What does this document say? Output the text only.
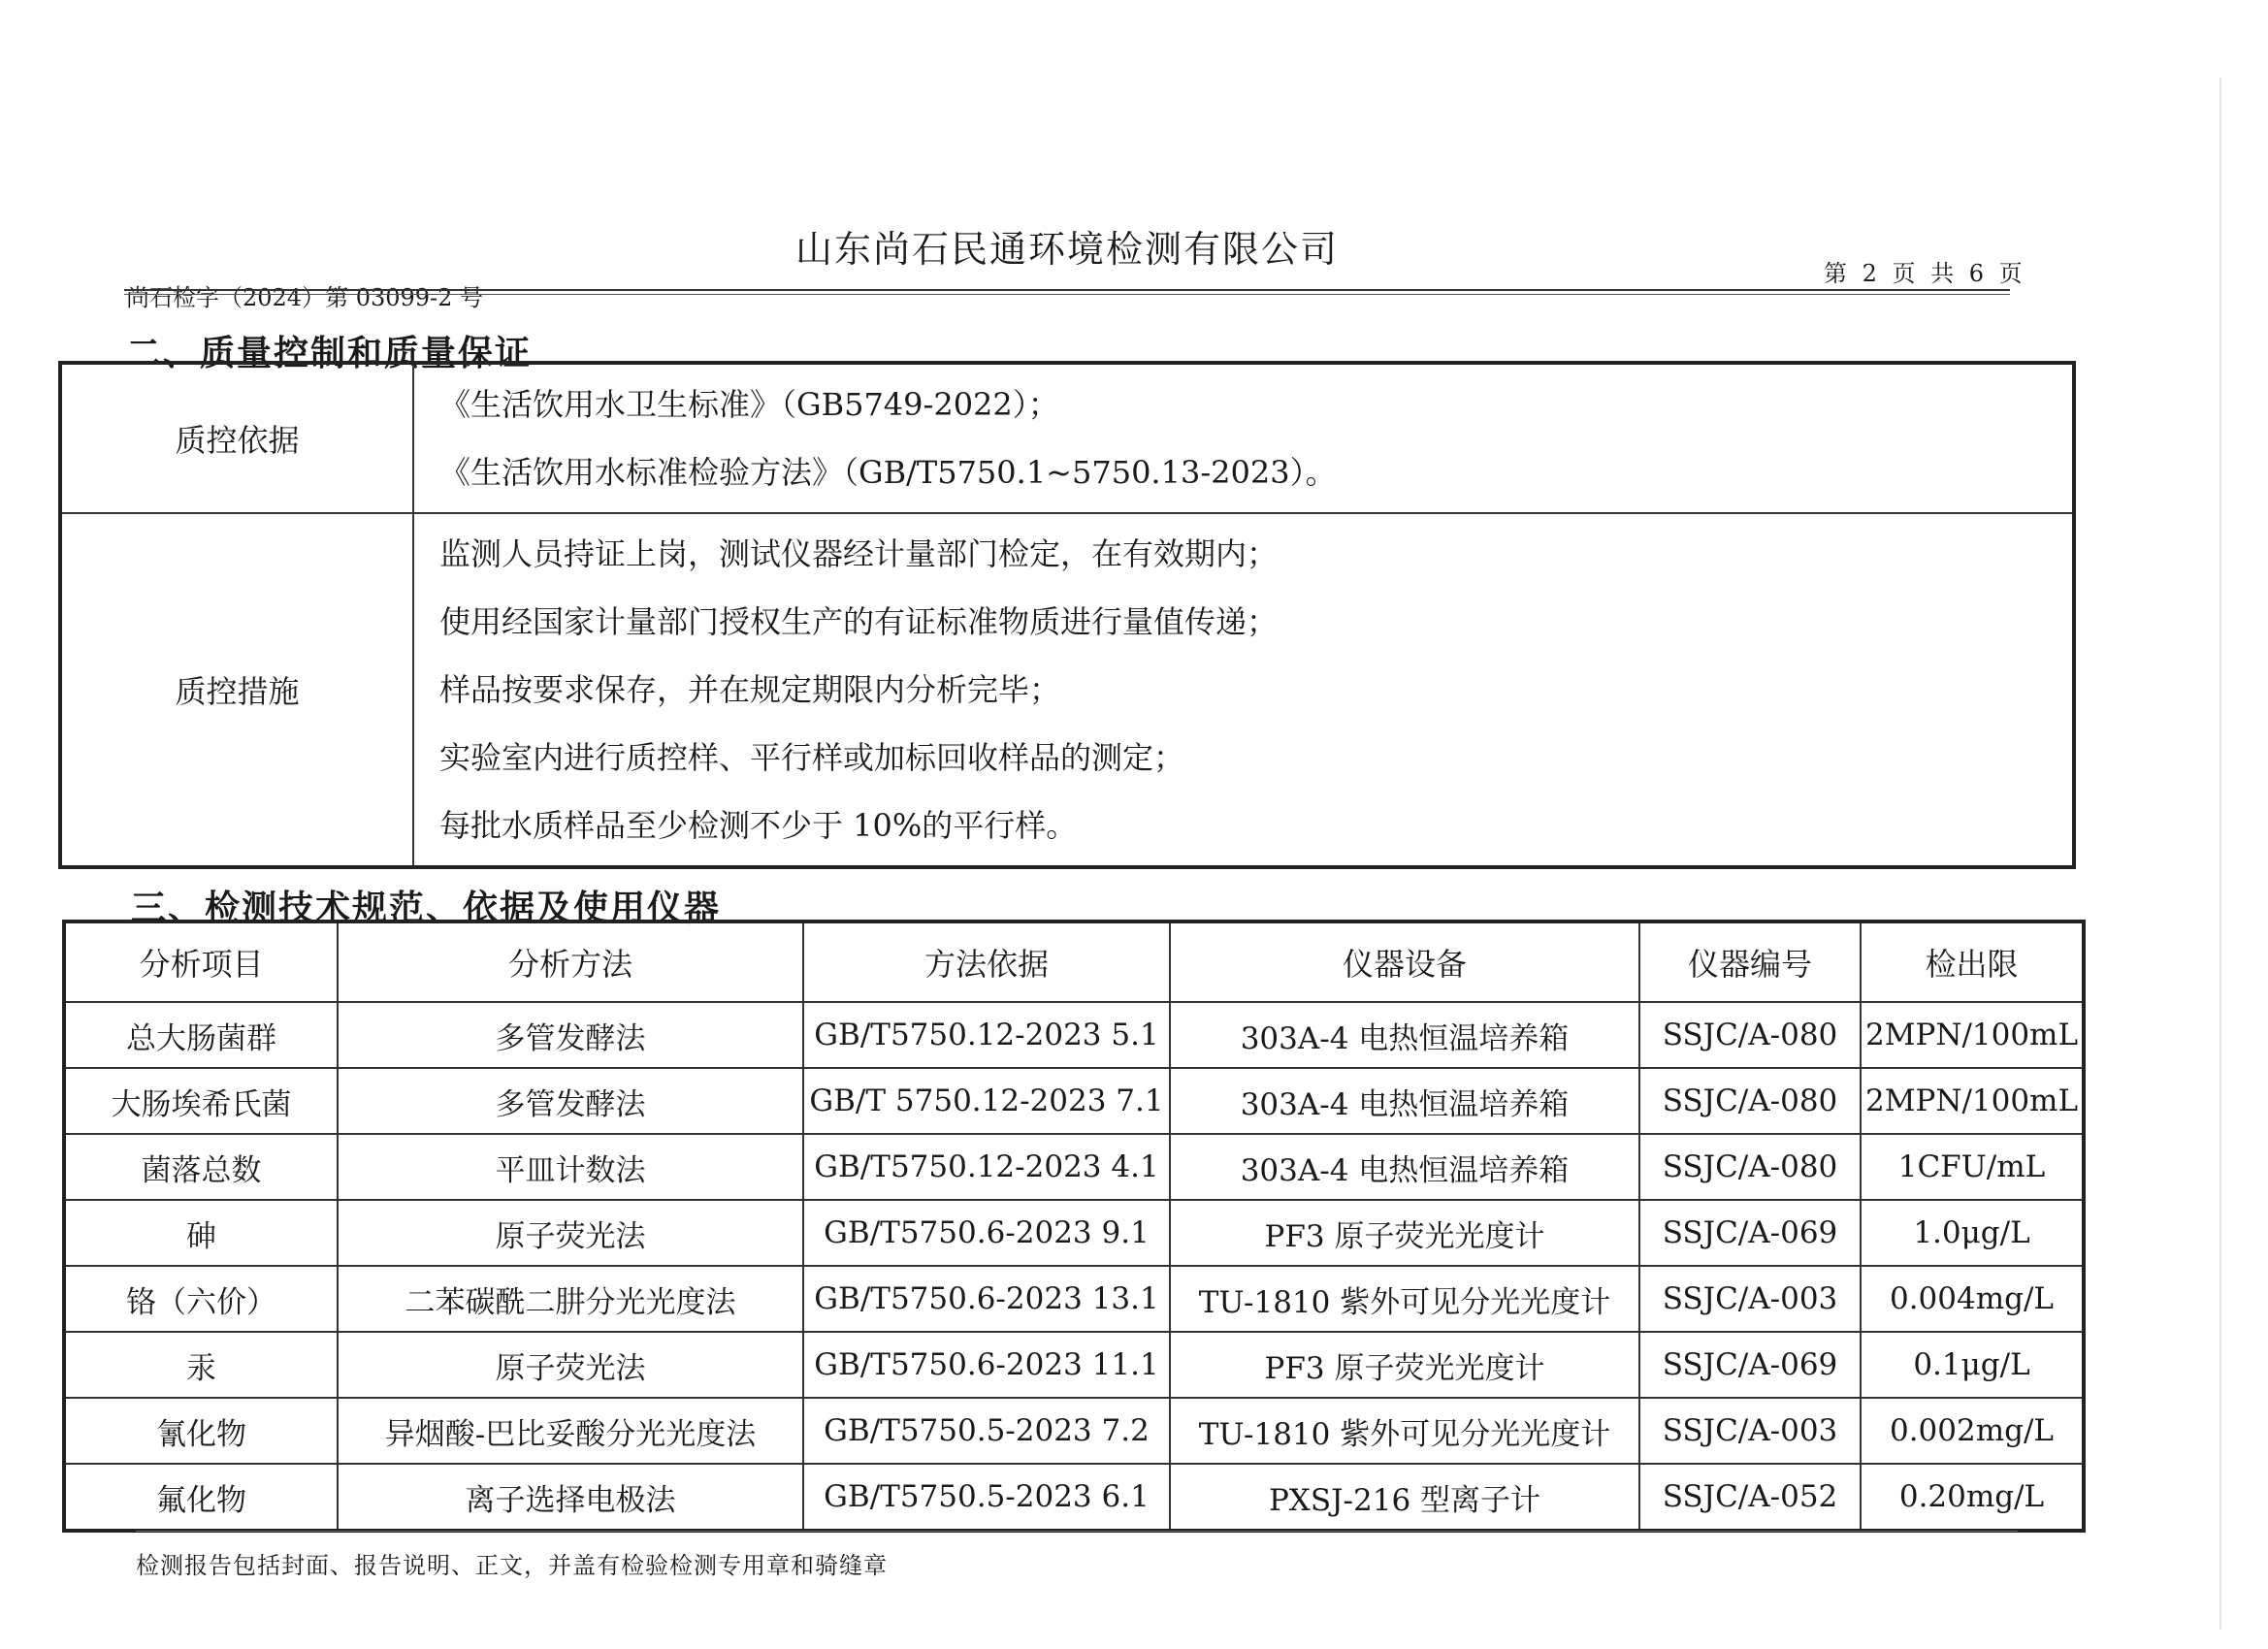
山东尚石民通环境检测有限公司
尚石检字（2024）第 03099-2 号
第 2 页 共 6 页
二、质量控制和质量保证
质控依据	《生活饮用水卫生标准》（GB5749-2022）；
《生活饮用水标准检验方法》（GB/T5750.1~5750.13-2023）。

质控措施	监测人员持证上岗，测试仪器经计量部门检定，在有效期内；
使用经国家计量部门授权生产的有证标准物质进行量值传递；
样品按要求保存，并在规定期限内分析完毕；
实验室内进行质控样、平行样或加标回收样品的测定；
每批水质样品至少检测不少于 10%的平行样。
三、检测技术规范、依据及使用仪器
分析项目	分析方法	方法依据	仪器设备	仪器编号	检出限
总大肠菌群	多管发酵法	GB/T5750.12-2023 5.1	303A-4 电热恒温培养箱	SSJC/A-080	2MPN/100mL
大肠埃希氏菌	多管发酵法	GB/T 5750.12-2023 7.1	303A-4 电热恒温培养箱	SSJC/A-080	2MPN/100mL
菌落总数	平皿计数法	GB/T5750.12-2023 4.1	303A-4 电热恒温培养箱	SSJC/A-080	1CFU/mL
砷	原子荧光法	GB/T5750.6-2023 9.1	PF3 原子荧光光度计	SSJC/A-069	1.0μg/L
铬（六价）	二苯碳酰二肼分光光度法	GB/T5750.6-2023 13.1	TU-1810 紫外可见分光光度计	SSJC/A-003	0.004mg/L
汞	原子荧光法	GB/T5750.6-2023 11.1	PF3 原子荧光光度计	SSJC/A-069	0.1μg/L
氰化物	异烟酸-巴比妥酸分光光度法	GB/T5750.5-2023 7.2	TU-1810 紫外可见分光光度计	SSJC/A-003	0.002mg/L
氟化物	离子选择电极法	GB/T5750.5-2023 6.1	PXSJ-216 型离子计	SSJC/A-052	0.20mg/L
检测报告包括封面、报告说明、正文，并盖有检验检测专用章和骑缝章
